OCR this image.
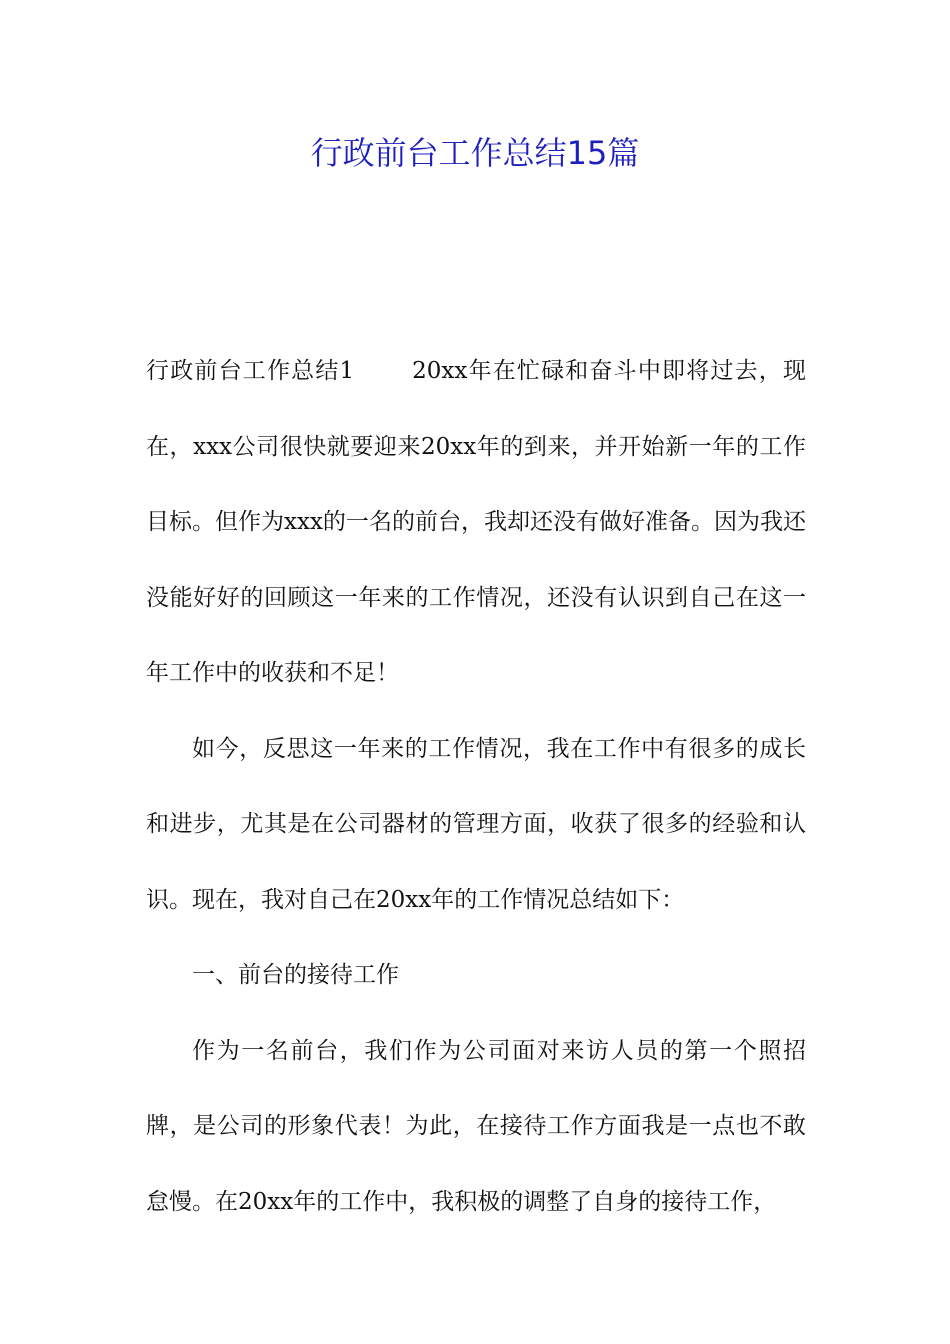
行政前台工作总结15篇

行政前台工作总结1	20xx年在忙碌和奋斗中即将过去，现在，xxx公司很快就要迎来20xx年的到来，并开始新一年的工作目标。但作为xxx的一名的前台，我却还没有做好准备。因为我还没能好好的回顾这一年来的工作情况，还没有认识到自己在这一年工作中的收获和不足！

如今，反思这一年来的工作情况，我在工作中有很多的成长和进步，尤其是在公司器材的管理方面，收获了很多的经验和认识。现在，我对自己在20xx年的工作情况总结如下：

一、前台的接待工作

作为一名前台，我们作为公司面对来访人员的第一个照招牌，是公司的形象代表！为此，在接待工作方面我是一点也不敢怠慢。在20xx年的工作中，我积极的调整了自身的接待工作，
